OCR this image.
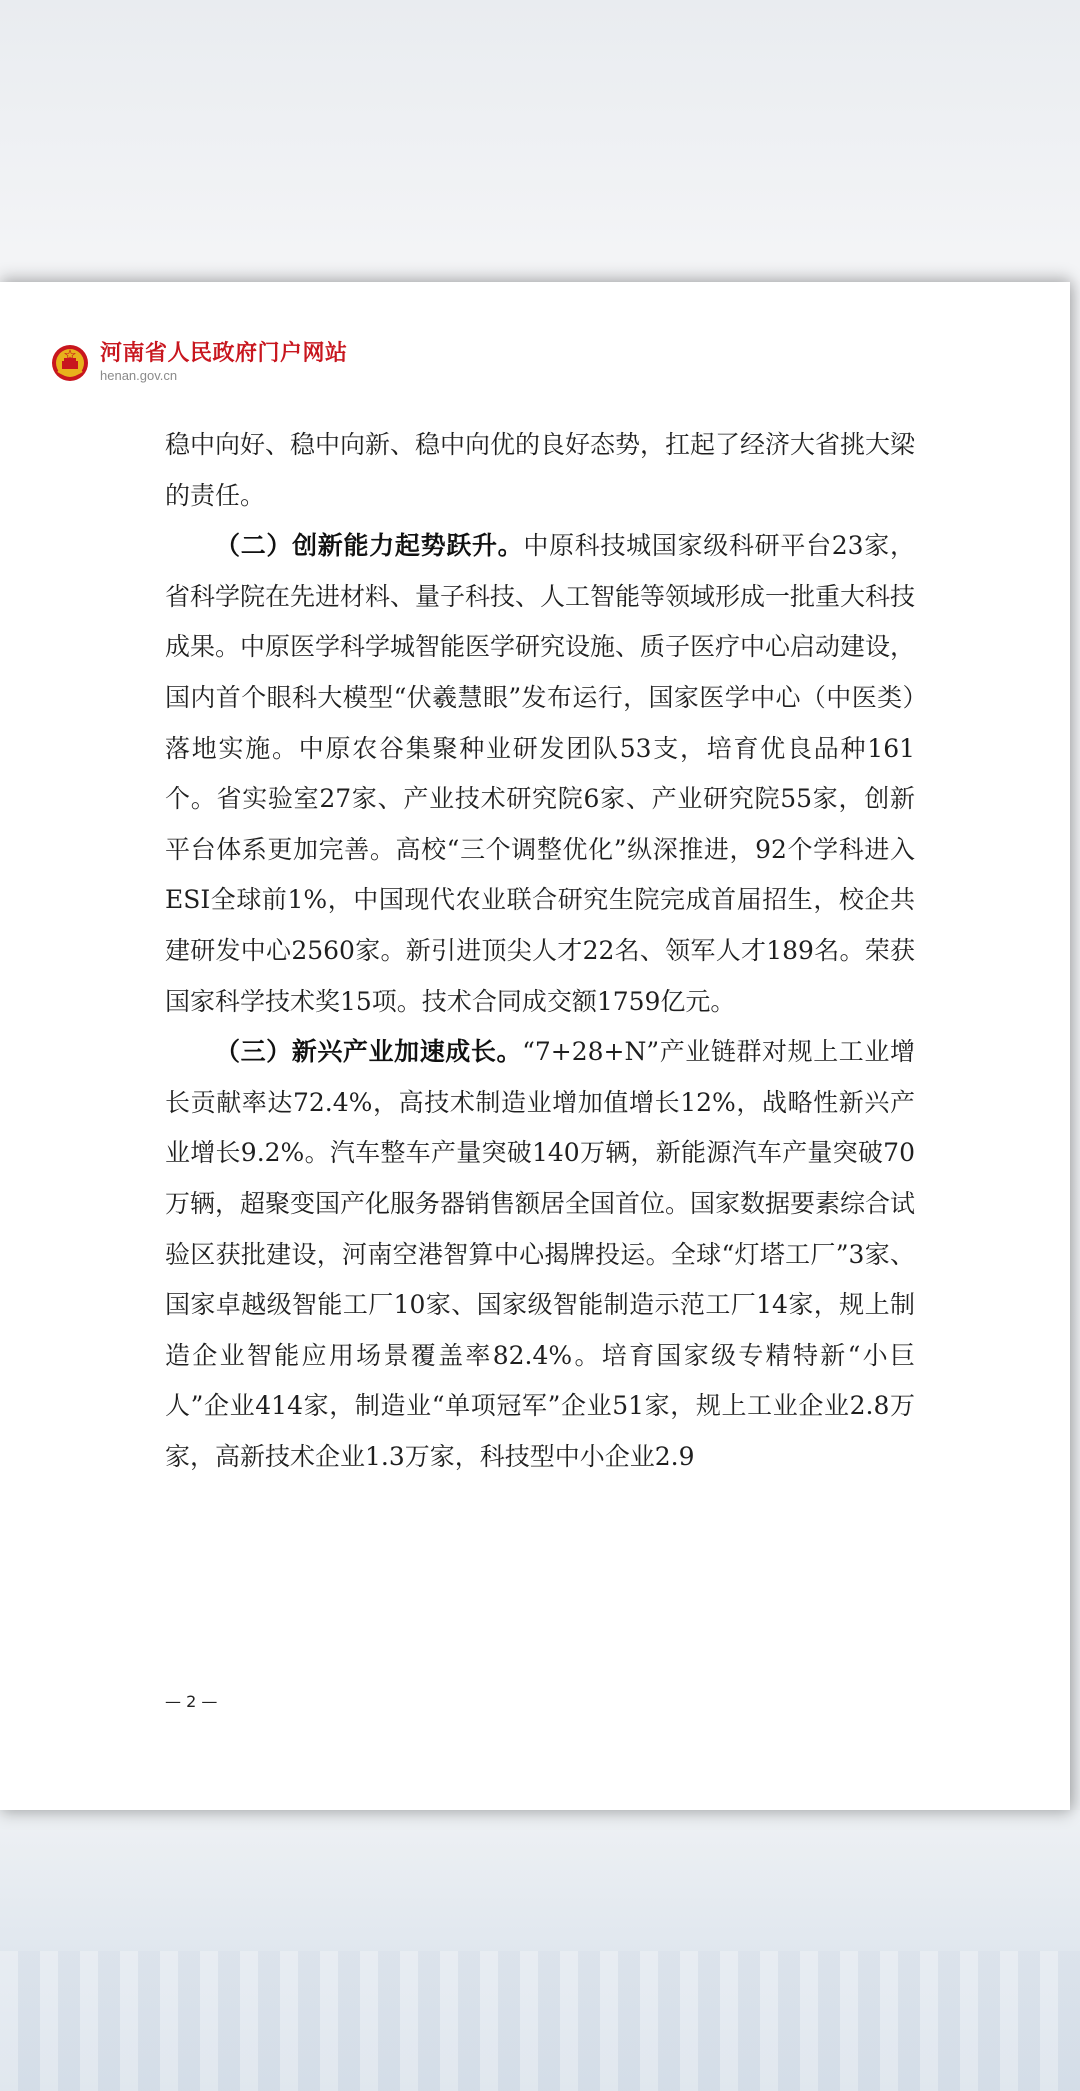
河南省人民政府门户网站
henan.gov.cn

稳中向好、稳中向新、稳中向优的良好态势，扛起了经济大省挑大梁的责任。

（二）创新能力起势跃升。中原科技城国家级科研平台23家，省科学院在先进材料、量子科技、人工智能等领域形成一批重大科技成果。中原医学科学城智能医学研究设施、质子医疗中心启动建设，国内首个眼科大模型“伏羲慧眼”发布运行，国家医学中心（中医类）落地实施。中原农谷集聚种业研发团队53支，培育优良品种161个。省实验室27家、产业技术研究院6家、产业研究院55家，创新平台体系更加完善。高校“三个调整优化”纵深推进，92个学科进入ESI全球前1%，中国现代农业联合研究生院完成首届招生，校企共建研发中心2560家。新引进顶尖人才22名、领军人才189名。荣获国家科学技术奖15项。技术合同成交额1759亿元。

（三）新兴产业加速成长。“7+28+N”产业链群对规上工业增长贡献率达72.4%，高技术制造业增加值增长12%，战略性新兴产业增长9.2%。汽车整车产量突破140万辆，新能源汽车产量突破70万辆，超聚变国产化服务器销售额居全国首位。国家数据要素综合试验区获批建设，河南空港智算中心揭牌投运。全球“灯塔工厂”3家、国家卓越级智能工厂10家、国家级智能制造示范工厂14家，规上制造企业智能应用场景覆盖率82.4%。培育国家级专精特新“小巨人”企业414家，制造业“单项冠军”企业51家，规上工业企业2.8万家，高新技术企业1.3万家，科技型中小企业2.9

— 2 —
